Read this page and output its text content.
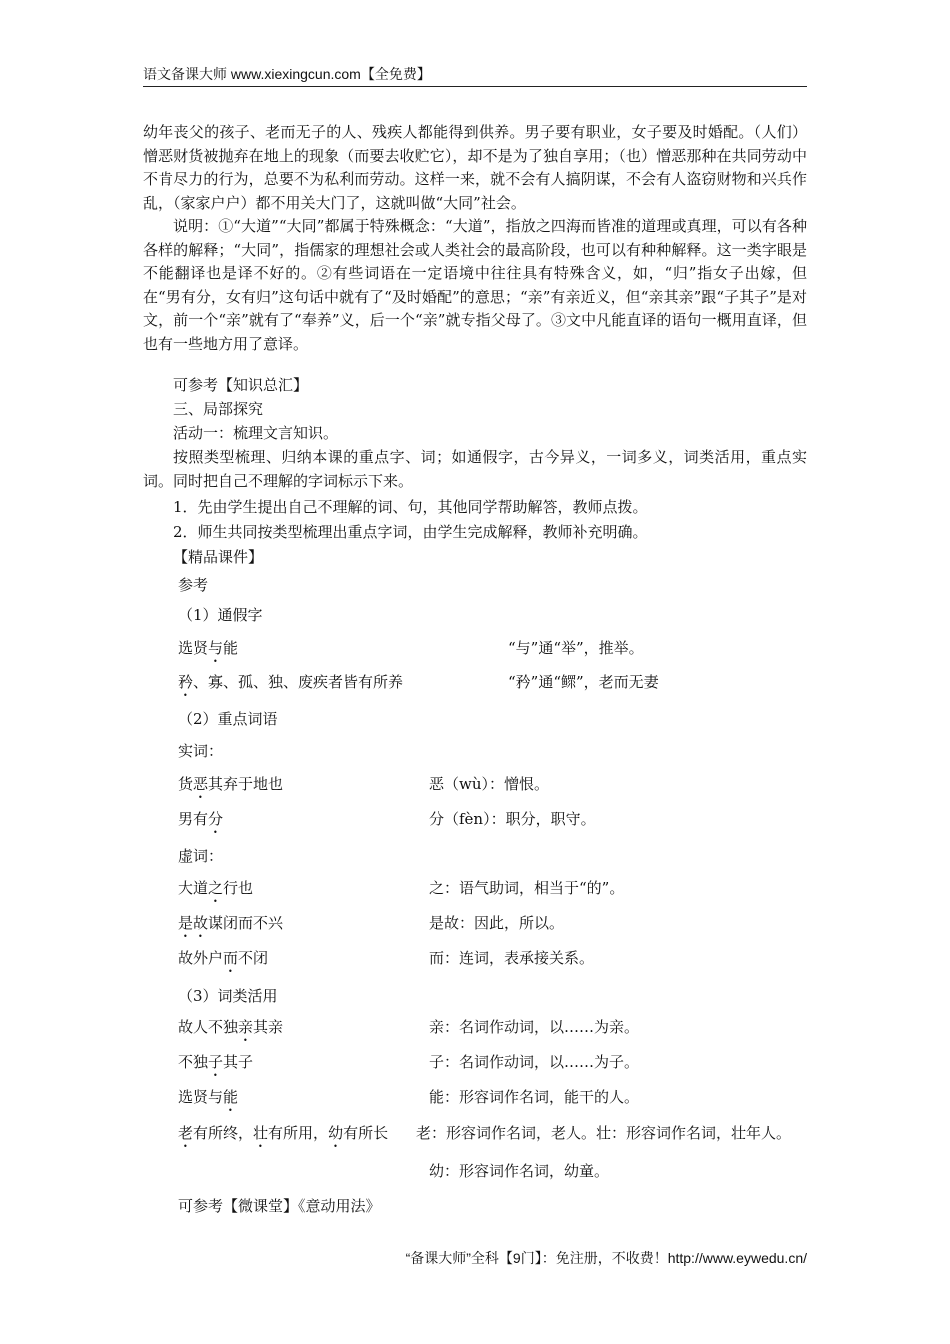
语文备课大师 www.xiexingcun.com【全免费】
幼年丧父的孩子、老而无子的人、残疾人都能得到供养。男子要有职业，女子要及时婚配。（人们）憎恶财货被抛弃在地上的现象（而要去收贮它），却不是为了独自享用；（也）憎恶那种在共同劳动中不肯尽力的行为，总要不为私利而劳动。这样一来，就不会有人搞阴谋，不会有人盗窃财物和兴兵作乱，（家家户户）都不用关大门了，这就叫做“大同”社会。
说明：①“大道”“大同”都属于特殊概念：“大道”，指放之四海而皆准的道理或真理，可以有各种各样的解释；“大同”，指儒家的理想社会或人类社会的最高阶段，也可以有种种解释。这一类字眼是不能翻译也是译不好的。②有些词语在一定语境中往往具有特殊含义，如，“归”指女子出嫁，但在“男有分，女有归”这句话中就有了“及时婚配”的意思；“亲”有亲近义，但“亲其亲”跟“子其子”是对文，前一个“亲”就有了“奉养”义，后一个“亲”就专指父母了。③文中凡能直译的语句一概用直译，但也有一些地方用了意译。
可参考【知识总汇】
三、局部探究
活动一：梳理文言知识。
按照类型梳理、归纳本课的重点字、词；如通假字，古今异义，一词多义，词类活用，重点实词。同时把自己不理解的字词标示下来。
1．先由学生提出自己不理解的词、句，其他同学帮助解答，教师点拨。
2．师生共同按类型梳理出重点字词，由学生完成解释，教师补充明确。
【精品课件】
参考
（1）通假字
选贤与能	“与”通“举”，推举。
矜、寡、孤、独、废疾者皆有所养	“矜”通“鳏”，老而无妻
（2）重点词语
实词：
货恶其弃于地也	恶（wù）：憎恨。
男有分	分（fèn）：职分，职守。
虚词：
大道之行也	之：语气助词，相当于“的”。
是故谋闭而不兴	是故：因此，所以。
故外户而不闭	而：连词，表承接关系。
（3）词类活用
故人不独亲其亲	亲：名词作动词，以……为亲。
不独子其子	子：名词作动词，以……为子。
选贤与能	能：形容词作名词，能干的人。
老有所终，壮有所用，幼有所长 老：形容词作名词，老人。壮：形容词作名词，壮年人。
幼：形容词作名词，幼童。
可参考【微课堂】《意动用法》
“备课大师”全科【9门】：免注册，不收费！http://www.eywedu.cn/
